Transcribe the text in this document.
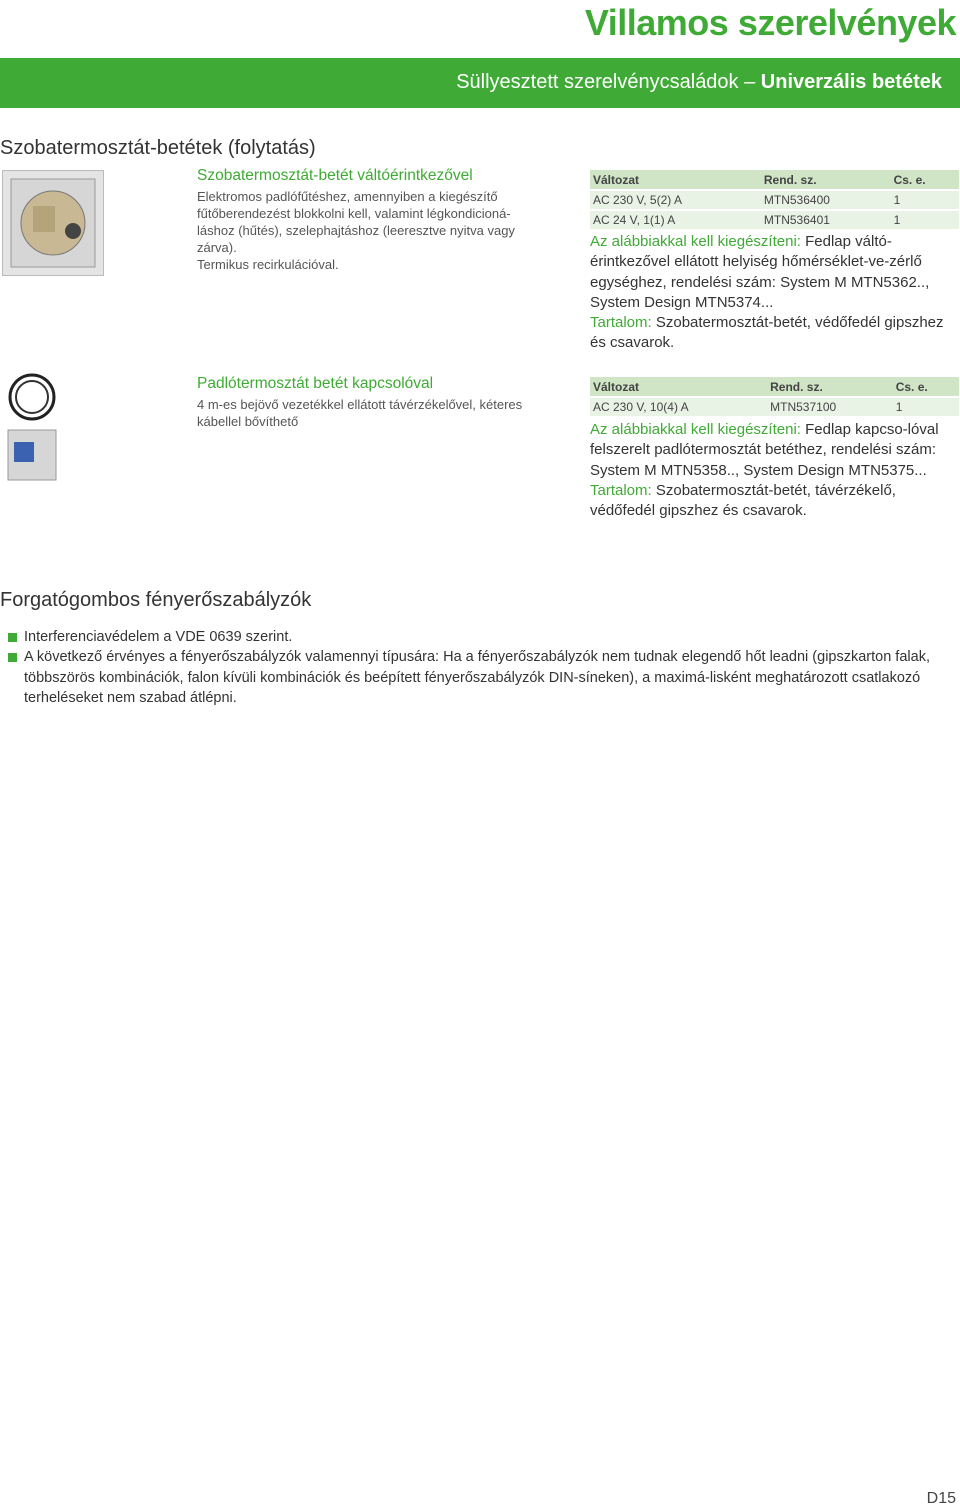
Villamos szerelvények
Süllyesztett szerelvénycsaládok – Univerzális betétek
Szobatermosztát-betétek (folytatás)
Szobatermosztát-betét váltóérintkezővel
Elektromos padlófűtéshez, amennyiben a kiegészítő
fűtőberendezést blokkolni kell, valamint légkondicioná-
láshoz (hűtés), szelephajtáshoz (leeresztve nyitva vagy
zárva).
Termikus recirkulációval.
Változat	Rend. sz.	Cs. e.
AC 230 V, 5(2) A	MTN536400	1
AC 24 V, 1(1) A	MTN536401	1
Az alábbiakkal kell kiegészíteni: Fedlap váltó-érintkezővel ellátott helyiség hőmérséklet-ve-zérlő egységhez, rendelési szám: System M MTN5362.., System Design MTN5374...
Tartalom: Szobatermosztát-betét, védőfedél gipszhez és csavarok.
Padlótermosztát betét kapcsolóval
4 m-es bejövő vezetékkel ellátott távérzékelővel, kéteres
kábellel bővíthető
Változat	Rend. sz.	Cs. e.
AC 230 V, 10(4) A	MTN537100	1
Az alábbiakkal kell kiegészíteni: Fedlap kapcso-lóval felszerelt padlótermosztát betéthez, rendelési szám: System M MTN5358.., System Design MTN5375...
Tartalom: Szobatermosztát-betét, távérzékelő, védőfedél gipszhez és csavarok.
Forgatógombos fényerőszabályzók
Interferenciavédelem a VDE 0639 szerint.
A következő érvényes a fényerőszabályzók valamennyi típusára: Ha a fényerőszabályzók nem tudnak elegendő hőt leadni (gipszkarton falak, többszörös kombinációk, falon kívüli kombinációk és beépített fényerőszabályzók DIN-síneken), a maximá-lisként meghatározott csatlakozó terheléseket nem szabad átlépni.
D15
